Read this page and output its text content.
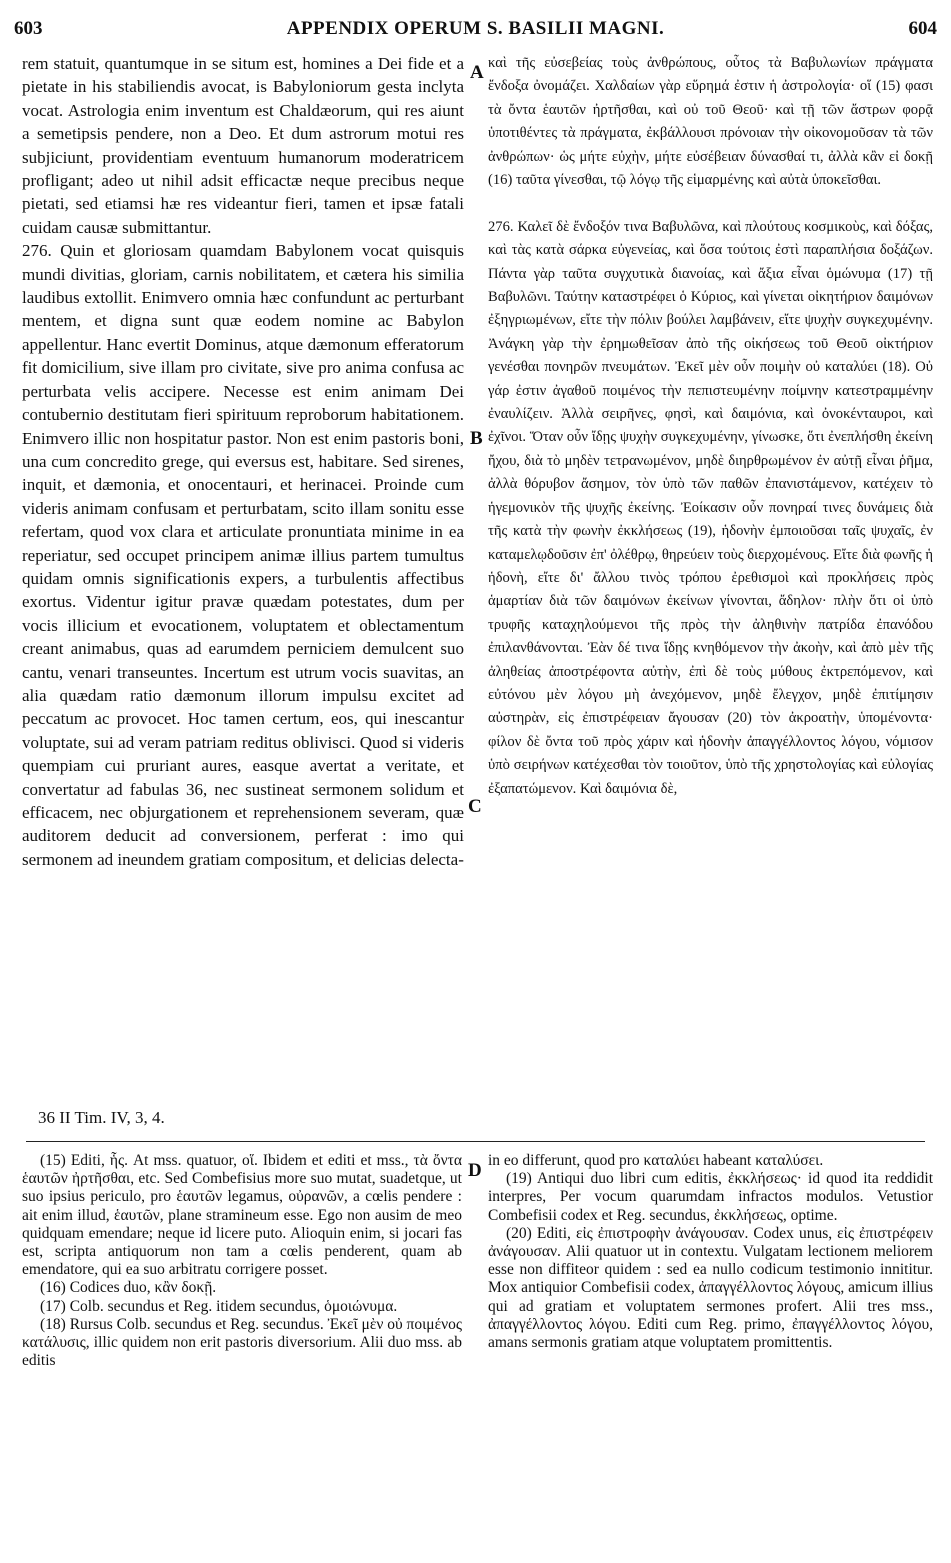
603	APPENDIX OPERUM S. BASILII MAGNI.	604

rem statuit, quantumque in se situm est, homines a Dei fide et a pietate in his stabiliendis avocat, is Babyloniorum gesta inclyta vocat. Astrologia enim inventum est Chaldæorum, qui res aiunt a semetipsis pendere, non a Deo. Et dum astrorum motui res subjiciunt, providentiam eventuum humanorum moderatricem profligant; adeo ut nihil adsit efficactæ neque precibus neque pietati, sed etiamsi hæ res videantur fieri, tamen et ipsæ fatali cuidam causæ submittantur.

276. Quin et gloriosam quamdam Babylonem vocat quisquis mundi divitias, gloriam, carnis nobilitatem, et cætera his similia laudibus extollit. Enimvero omnia hæc confundunt ac perturbant mentem, et digna sunt quæ eodem nomine ac Babylon appellentur. Hanc evertit Dominus, atque dæmonum efferatorum fit domicilium, sive illam pro civitate, sive pro anima confusa ac perturbata velis accipere. Necesse est enim animam Dei contubernio destitutam fieri spirituum reproborum habitationem. Enimvero illic non hospitatur pastor. Non est enim pastoris boni, una cum concredito grege, qui eversus est, habitare. Sed sirenes, inquit, et dæmonia, et onocentauri, et herinacei. Proinde cum videris animam confusam et perturbatam, scito illam sonitu esse refertam, quod vox clara et articulate pronuntiata minime in ea reperiatur, sed occupet principem animæ illius partem tumultus quidam omnis significationis expers, a turbulentis affectibus exortus. Videntur igitur pravæ quædam potestates, dum per vocis illicium et evocationem, voluptatem et oblectamentum creant animabus, quas ad earumdem perniciem demulcent suo cantu, venari transeuntes. Incertum est utrum vocis suavitas, an alia quædam ratio dæmonum illorum impulsu excitet ad peccatum ac provocet. Hoc tamen certum, eos, qui inescantur voluptate, sui ad veram patriam reditus oblivisci. Quod si videris quempiam cui pruriant aures, easque avertat a veritate, et convertatur ad fabulas 36, nec sustineat sermonem solidum et efficacem, nec objurgationem et reprehensionem severam, quæ auditorem deducit ad conversionem, perferat : imo qui sermonem ad ineundem gratiam compositum, et delicias delecta-

A
B
C
D

καὶ τῆς εὐσεβείας τοὺς ἀνθρώπους, οὗτος τὰ Βαβυλωνίων πράγματα ἔνδοξα ὀνομάζει. Χαλδαίων γὰρ εὕρημά ἐστιν ἡ ἀστρολογία· οἵ (15) φασι τὰ ὄντα ἑαυτῶν ἠρτῆσθαι, καὶ οὐ τοῦ Θεοῦ· καὶ τῇ τῶν ἄστρων φορᾷ ὑποτιθέντες τὰ πράγματα, ἐκβάλλουσι πρόνοιαν τὴν οἰκονομοῦσαν τὰ τῶν ἀνθρώπων· ὡς μήτε εὐχὴν, μήτε εὐσέβειαν δύνασθαί τι, ἀλλὰ κἂν εἰ δοκῇ (16) ταῦτα γίνεσθαι, τῷ λόγῳ τῆς εἱμαρμένης καὶ αὐτὰ ὑποκεῖσθαι.

276. Καλεῖ δὲ ἔνδοξόν τινα Βαβυλῶνα, καὶ πλούτους κοσμικοὺς, καὶ δόξας, καὶ τὰς κατὰ σάρκα εὐγενείας, καὶ ὅσα τούτοις ἐστὶ παραπλήσια δοξάζων. Πάντα γὰρ ταῦτα συγχυτικὰ διανοίας, καὶ ἄξια εἶναι ὁμώνυμα (17) τῇ Βαβυλῶνι. Ταύτην καταστρέφει ὁ Κύριος, καὶ γίνεται οἰκητήριον δαιμόνων ἐξηγριωμένων, εἴτε τὴν πόλιν βούλει λαμβάνειν, εἴτε ψυχὴν συγκεχυμένην. Ἀνάγκη γὰρ τὴν ἐρημωθεῖσαν ἀπὸ τῆς οἰκήσεως τοῦ Θεοῦ οἰκτήριον γενέσθαι πονηρῶν πνευμάτων. Ἐκεῖ μὲν οὖν ποιμὴν οὐ καταλύει (18). Οὐ γάρ ἐστιν ἀγαθοῦ ποιμένος τὴν πεπιστευμένην ποίμνην κατεστραμμένην ἐναυλίζειν. Ἀλλὰ σειρῆνες, φησὶ, καὶ δαιμόνια, καὶ ὀνοκένταυροι, καὶ ἐχῖνοι. Ὅταν οὖν ἴδῃς ψυχὴν συγκεχυμένην, γίνωσκε, ὅτι ἐνεπλήσθη ἐκείνη ἤχου, διὰ τὸ μηδὲν τετρανωμένον, μηδὲ διηρθρωμένον ἐν αὐτῇ εἶναι ῥῆμα, ἀλλὰ θόρυβον ἄσημον, τὸν ὑπὸ τῶν παθῶν ἐπανιστάμενον, κατέχειν τὸ ἡγεμονικὸν τῆς ψυχῆς ἐκείνης. Ἐοίκασιν οὖν πονηραί τινες δυνάμεις διὰ τῆς κατὰ τὴν φωνὴν ἐκκλήσεως (19), ἡδονὴν ἐμποιοῦσαι ταῖς ψυχαῖς, ἐν καταμελῳδοῦσιν ἐπ' ὀλέθρῳ, θηρεύειν τοὺς διερχομένους. Εἴτε διὰ φωνῆς ἡ ἡδονὴ, εἴτε δι' ἄλλου τινὸς τρόπου ἐρεθισμοὶ καὶ προκλήσεις πρὸς ἁμαρτίαν διὰ τῶν δαιμόνων ἐκείνων γίνονται, ἄδηλον· πλὴν ὅτι οἱ ὑπὸ τρυφῆς καταχηλούμενοι τῆς πρὸς τὴν ἀληθινὴν πατρίδα ἐπανόδου ἐπιλανθάνονται. Ἐὰν δέ τινα ἴδῃς κνηθόμενον τὴν ἀκοὴν, καὶ ἀπὸ μὲν τῆς ἀληθείας ἀποστρέφοντα αὐτὴν, ἐπὶ δὲ τοὺς μύθους ἐκτρεπόμενον, καὶ εὐτόνου μὲν λόγου μὴ ἀνεχόμενον, μηδὲ ἔλεγχον, μηδὲ ἐπιτίμησιν αὐστηρὰν, εἰς ἐπιστρέφειαν ἄγουσαν (20) τὸν ἀκροατὴν, ὑπομένοντα· φίλον δὲ ὄντα τοῦ πρὸς χάριν καὶ ἡδονὴν ἀπαγγέλλοντος λόγου, νόμισον ὑπὸ σειρήνων κατέχεσθαι τὸν τοιοῦτον, ὑπὸ τῆς χρηστολογίας καὶ εὐλογίας ἐξαπατώμενον. Καὶ δαιμόνια δὲ,

36 II Tim. IV, 3, 4.

(15) Editi, ἧς. At mss. quatuor, οἵ. Ibidem et editi et mss., τὰ ὄντα ἑαυτῶν ἠρτῆσθαι, etc. Sed Combefisius more suo mutat, suadetque, ut suo ipsius periculo, pro ἑαυτῶν legamus, οὐρανῶν, a cœlis pendere : ait enim illud, ἑαυτῶν, plane stramineum esse. Ego non ausim de meo quidquam emendare; neque id licere puto. Alioquin enim, si jocari fas est, scripta antiquorum non tam a cœlis penderent, quam ab emendatore, qui ea suo arbitratu corrigere posset.

(16) Codices duo, κἂν δοκῇ.

(17) Colb. secundus et Reg. itidem secundus, ὁμοιώνυμα.

(18) Rursus Colb. secundus et Reg. secundus. Ἐκεῖ μὲν οὐ ποιμένος κατάλυσις, illic quidem non erit pastoris diversorium. Alii duo mss. ab editis

in eo differunt, quod pro καταλύει habeant καταλύσει.

(19) Antiqui duo libri cum editis, ἐκκλήσεως· id quod ita reddidit interpres, Per vocum quarumdam infractos modulos. Vetustior Combefisii codex et Reg. secundus, ἐκκλήσεως, optime.

(20) Editi, εἰς ἐπιστροφὴν ἀνάγουσαν. Codex unus, εἰς ἐπιστρέφειν ἀνάγουσαν. Alii quatuor ut in contextu. Vulgatam lectionem meliorem esse non diffiteor quidem : sed ea nullo codicum testimonio innititur. Mox antiquior Combefisii codex, ἀπαγγέλλοντος λόγους, amicum illius qui ad gratiam et voluptatem sermones profert. Alii tres mss., ἀπαγγέλλοντος λόγου. Editi cum Reg. primo, ἐπαγγέλλοντος λόγου, amans sermonis gratiam atque voluptatem promittentis.
